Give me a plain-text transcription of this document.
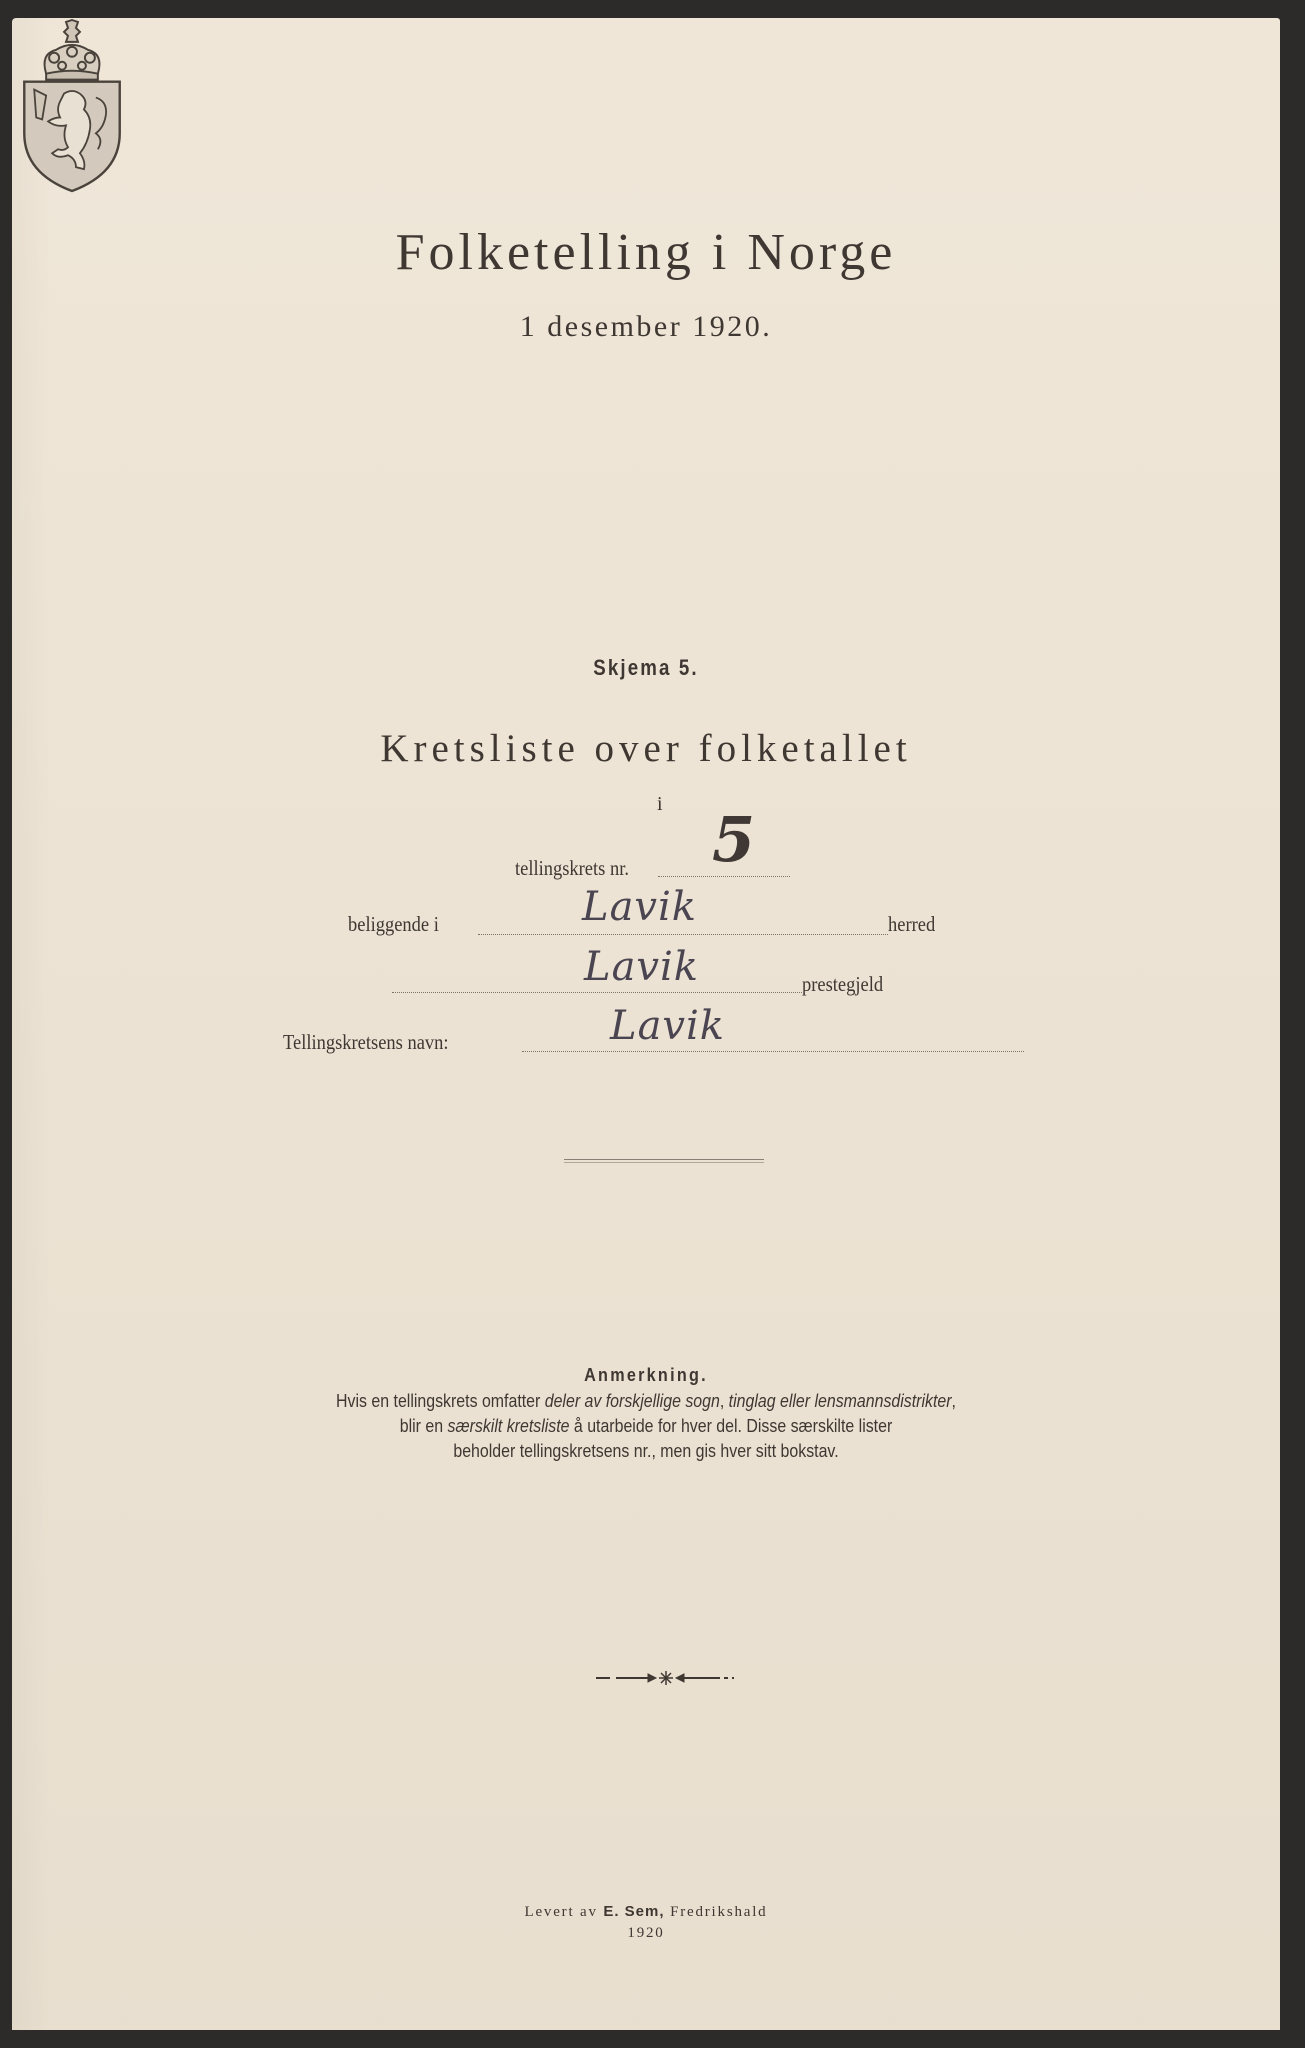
Folketelling i Norge
1 desember 1920.
Skjema 5.
Kretsliste over folketallet
i
tellingskrets nr. 5
beliggende i	Lavik	herred
Lavik	prestegjeld
Tellingskretsens navn:	Lavik
Anmerkning.
Hvis en tellingskrets omfatter deler av forskjellige sogn, tinglag eller lensmannsdistrikter,
blir en særskilt kretsliste å utarbeide for hver del. Disse særskilte lister
beholder tellingskretsens nr., men gis hver sitt bokstav.
Levert av E. Sem, Fredrikshald
1920
